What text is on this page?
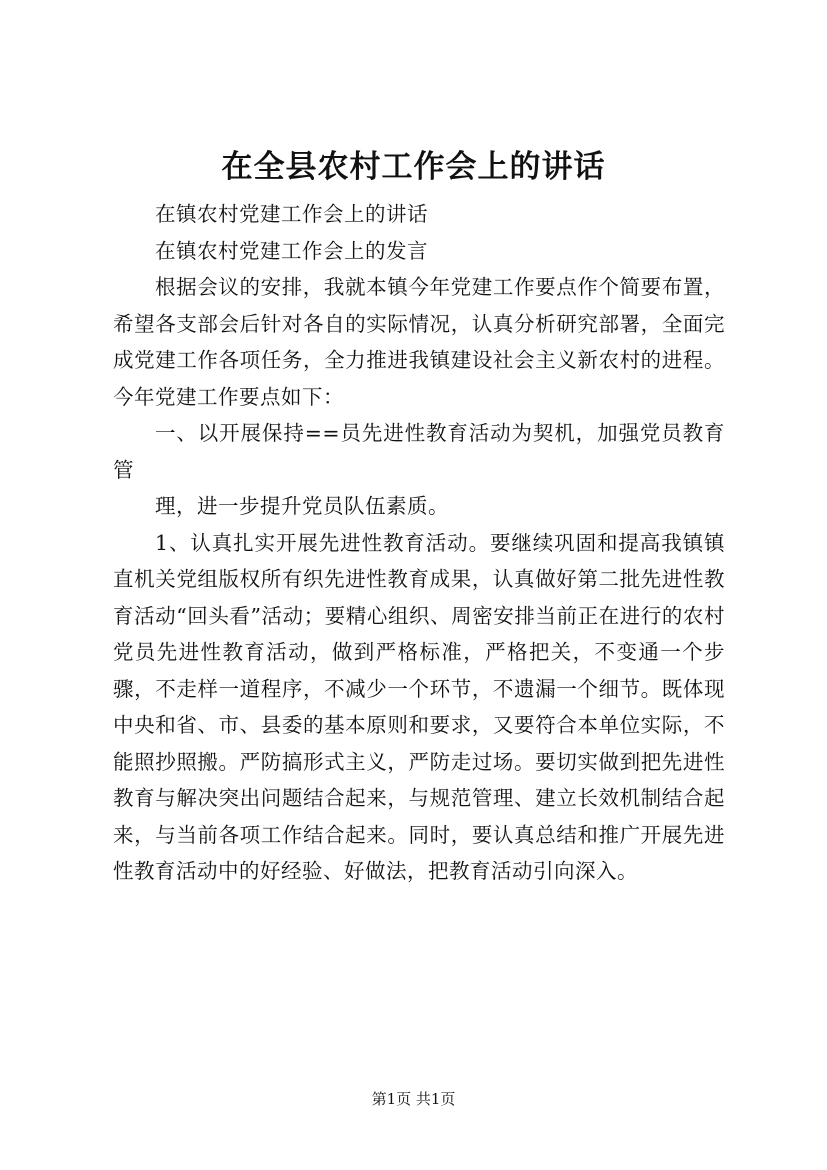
在全县农村工作会上的讲话

在镇农村党建工作会上的讲话

在镇农村党建工作会上的发言

根据会议的安排，我就本镇今年党建工作要点作个简要布置，希望各支部会后针对各自的实际情况，认真分析研究部署，全面完成党建工作各项任务，全力推进我镇建设社会主义新农村的进程。今年党建工作要点如下：

一、以开展保持==员先进性教育活动为契机，加强党员教育管

理，进一步提升党员队伍素质。

1、认真扎实开展先进性教育活动。要继续巩固和提高我镇镇直机关党组版权所有织先进性教育成果，认真做好第二批先进性教育活动“回头看”活动；要精心组织、周密安排当前正在进行的农村党员先进性教育活动，做到严格标准，严格把关，不变通一个步骤，不走样一道程序，不减少一个环节，不遗漏一个细节。既体现中央和省、市、县委的基本原则和要求，又要符合本单位实际，不能照抄照搬。严防搞形式主义，严防走过场。要切实做到把先进性教育与解决突出问题结合起来，与规范管理、建立长效机制结合起来，与当前各项工作结合起来。同时，要认真总结和推广开展先进性教育活动中的好经验、好做法，把教育活动引向深入。

第1页 共1页
